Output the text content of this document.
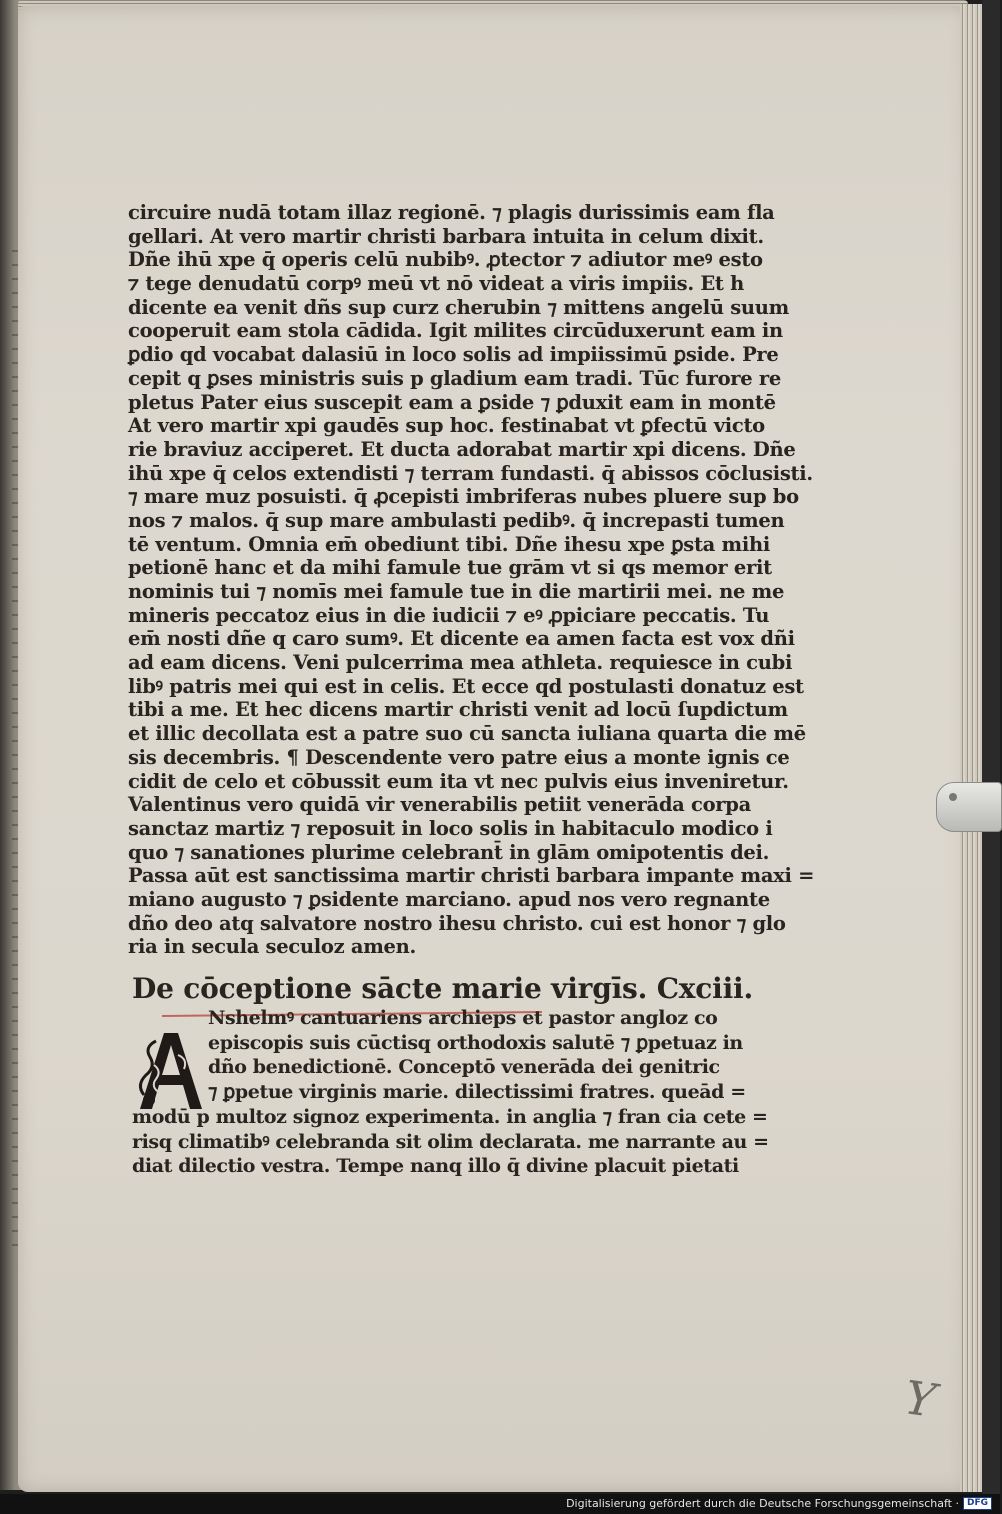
circuire nudā totam illaz regionē. ⁊ plagis durissimis eam fla
gellari. At vero martir christi barbara intuita in celum dixit.
Dñe ihū xpe q̄ operis celū nubibꝰ. ꝓtector ⁊ adiutor meꝰ esto
⁊ tege denudatū corpꝰ meū vt nō videat a viris impiis. Et h
dicente ea venit dñs sup curz cherubin ⁊ mittens angelū suum
cooperuit eam stola cādida. Igit milites circūduxerunt eam in
ꝑdio qd vocabat dalasiū in loco solis ad impiissimū ꝑside. Pre
cepit q ꝑses ministris suis p gladium eam tradi. Tūc furore re
pletus Pater eius suscepit eam a ꝑside ⁊ ꝑduxit eam in montē
At vero martir xpi gaudēs sup hoc. festinabat vt ꝑfectū victo
rie braviuz acciperet. Et ducta adorabat martir xpi dicens. Dñe
ihū xpe q̄ celos extendisti ⁊ terram fundasti. q̄ abissos cōclusisti.
⁊ mare muz posuisti. q̄ ꝓcepisti imbriferas nubes pluere sup bo
nos ⁊ malos. q̄ sup mare ambulasti pedibꝰ. q̄ increpasti tumen
tē ventum. Omnia em̄ obediunt tibi. Dñe ihesu xpe ꝑsta mihi
petionē hanc et da mihi famule tue grām vt si qs memor erit
nominis tui ⁊ nomīs mei famule tue in die martirii mei. ne me
mineris peccatoz eius in die iudicii ⁊ eꝰ ꝓpiciare peccatis. Tu
em̄ nosti dñe q caro sumꝰ. Et dicente ea amen facta est vox dñi
ad eam dicens. Veni pulcerrima mea athleta. requiesce in cubi
libꝰ patris mei qui est in celis. Et ecce qd postulasti donatuz est
tibi a me. Et hec dicens martir christi venit ad locū ſupdictum
et illic decollata est a patre suo cū sancta iuliana quarta die mē
sis decembris. ¶ Descendente vero patre eius a monte ignis ce
cidit de celo et cōbussit eum ita vt nec pulvis eius inveniretur.
Valentinus vero quidā vir venerabilis petiit venerāda corpa
sanctaz martiz ⁊ reposuit in loco solis in habitaculo modico i
quo ⁊ sanationes plurime celebrant̄ in glām omipotentis dei.
Passa aūt est sanctissima martir christi barbara impante maxi =
miano augusto ⁊ ꝑsidente marciano. apud nos vero regnante
dño deo atq salvatore nostro ihesu christo. cui est honor ⁊ glo
ria in secula seculoz amen.
De cōceptione sācte marie virgīs. Cxciii.
A
Nshelmꝰ cantuariens archieps et pastor angloz co
episcopis suis cūctisq orthodoxis salutē ⁊ ꝑpetuaz in
dño benedictionē. Conceptō venerāda dei genitric
⁊ ꝑpetue virginis marie. dilectissimi fratres. queād =
modū p multoz signoz experimenta. in anglia ⁊ fran cia cete =
risq climatibꝰ celebranda sit olim declarata. me narrante au =
diat dilectio vestra. Tempe nanq illo q̄ divine placuit pietati
Y
Digitalisierung gefördert durch die Deutsche Forschungsgemeinschaft · DFG
